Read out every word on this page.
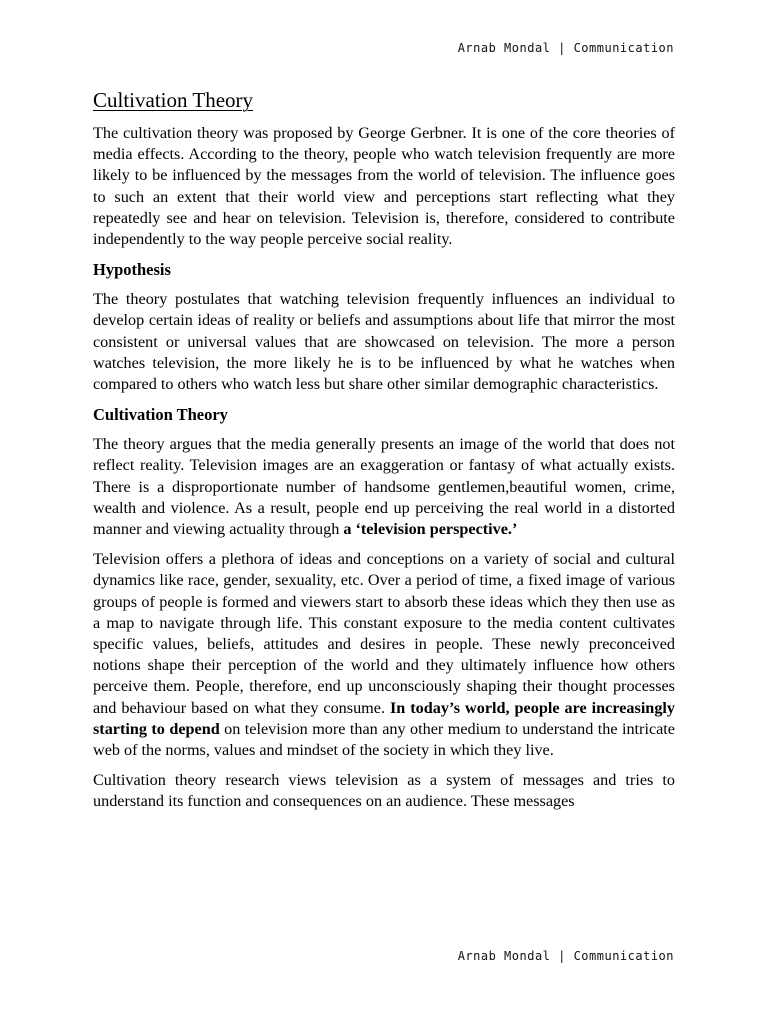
Arnab Mondal | Communication
Cultivation Theory

The cultivation theory was proposed by George Gerbner. It is one of the core theories of media effects. According to the theory, people who watch television frequently are more likely to be influenced by the messages from the world of television. The influence goes to such an extent that their world view and perceptions start reflecting what they repeatedly see and hear on television. Television is, therefore, considered to contribute independently to the way people perceive social reality.

Hypothesis

The theory postulates that watching television frequently influences an individual to develop certain ideas of reality or beliefs and assumptions about life that mirror the most consistent or universal values that are showcased on television. The more a person watches television, the more likely he is to be influenced by what he watches when compared to others who watch less but share other similar demographic characteristics.

Cultivation Theory

The theory argues that the media generally presents an image of the world that does not reflect reality. Television images are an exaggeration or fantasy of what actually exists. There is a disproportionate number of handsome gentlemen,beautiful women, crime, wealth and violence. As a result, people end up perceiving the real world in a distorted manner and viewing actuality through a ‘television perspective.’

Television offers a plethora of ideas and conceptions on a variety of social and cultural dynamics like race, gender, sexuality, etc. Over a period of time, a fixed image of various groups of people is formed and viewers start to absorb these ideas which they then use as a map to navigate through life. This constant exposure to the media content cultivates specific values, beliefs, attitudes and desires in people. These newly preconceived notions shape their perception of the world and they ultimately influence how others perceive them. People, therefore, end up unconsciously shaping their thought processes and behaviour based on what they consume. In today’s world, people are increasingly starting to depend on television more than any other medium to understand the intricate web of the norms, values and mindset of the society in which they live.

Cultivation theory research views television as a system of messages and tries to understand its function and consequences on an audience. These messages

Arnab Mondal | Communication
